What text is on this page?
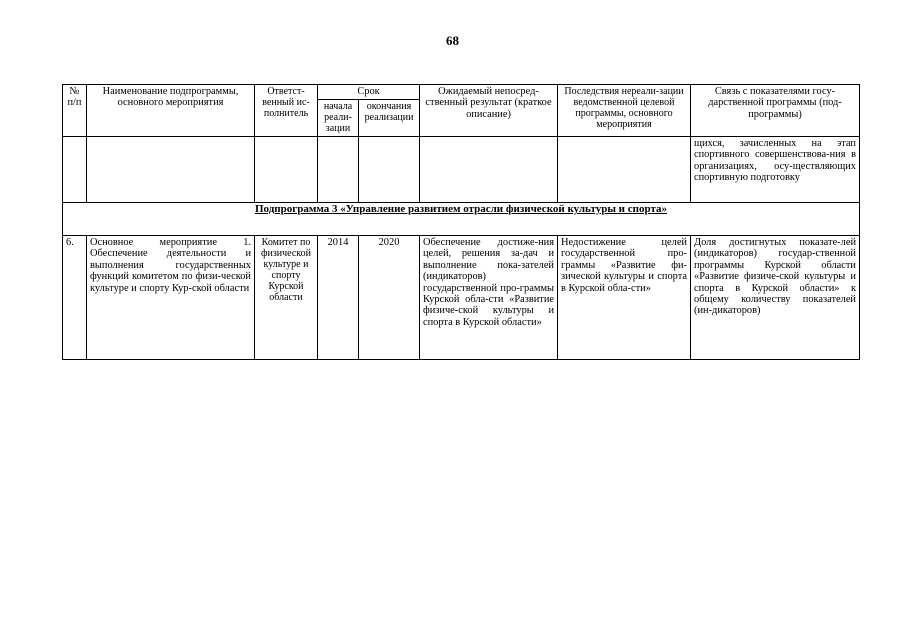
68
№ п/п	Наименование подпрограммы, основного мероприятия	Ответст-венный ис-полнитель	Срок		Ожидаемый непосред-ственный результат (краткое описание)	Последствия нереали-зации ведомственной целевой программы, основного мероприятия	Связь с показателями госу-дарственной программы (под-программы)
			начала реали-зации	окончания реализации			
							щихся, зачисленных на этап спортивного совершенствова-ния в организациях, осу-ществляющих спортивную подготовку
Подпрограмма 3 «Управление развитием отрасли физической культуры и спорта»							
6.	Основное мероприятие 1. Обеспечение деятельности и выполнения государственных функций комитетом по физи-ческой культуре и спорту Кур-ской области	Комитет по физической культуре и спорту Курской области	2014	2020	Обеспечение достиже-ния целей, решения за-дач и выполнение пока-зателей (индикаторов) государственной про-граммы Курской обла-сти «Развитие физиче-ской культуры и спорта в Курской области»	Недостижение целей государственной про-граммы «Развитие фи-зической культуры и спорта в Курской обла-сти»	Доля достигнутых показате-лей (индикаторов) государ-ственной программы Курской области «Развитие физиче-ской культуры и спорта в Курской области» к общему количеству показателей (ин-дикаторов)
